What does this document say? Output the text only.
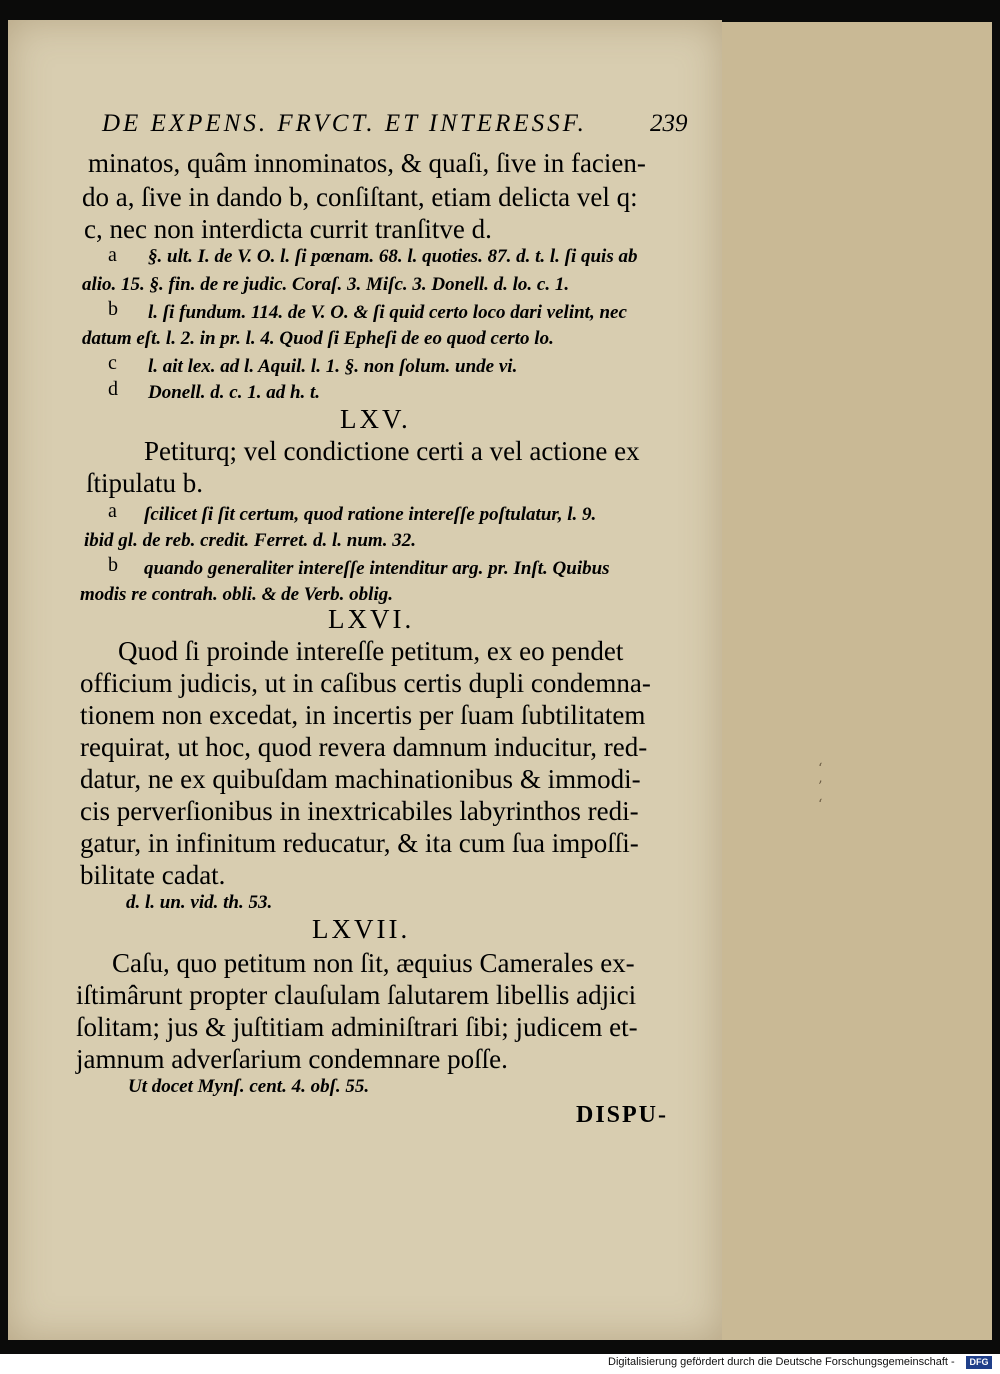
‘
’
‘
DE EXPENS. FRVCT. ET INTERESSF.	239
minatos, quâm innominatos, & quaſi, ſive in facien-
do a, ſive in dando b, conſiſtant, etiam delicta vel q:
c, nec non interdicta currit tranſitve d.
a §. ult. I. de V. O. l. ſi pœnam. 68. l. quoties. 87. d. t. l. ſi quis ab
alio. 15. §. fin. de re judic. Coraſ. 3. Miſc. 3. Donell. d. lo. c. 1.
b l. ſi fundum. 114. de V. O. & ſi quid certo loco dari velint, nec
datum eſt. l. 2. in pr. l. 4. Quod ſi Epheſi de eo quod certo lo.
c l. ait lex. ad l. Aquil. l. 1. §. non ſolum. unde vi.
d Donell. d. c. 1. ad h. t.
LXV.
Petiturq; vel condictione certi a vel actione ex
ſtipulatu b.
a ſcilicet ſi ſit certum, quod ratione intereſſe poſtulatur, l. 9.
ibid gl. de reb. credit. Ferret. d. l. num. 32.
b quando generaliter intereſſe intenditur arg. pr. Inſt. Quibus
modis re contrah. obli. & de Verb. oblig.
LXVI.
Quod ſi proinde intereſſe petitum, ex eo pendet
officium judicis, ut in caſibus certis dupli condemna-
tionem non excedat, in incertis per ſuam ſubtilitatem
requirat, ut hoc, quod revera damnum inducitur, red-
datur, ne ex quibuſdam machinationibus & immodi-
cis perverſionibus in inextricabiles labyrinthos redi-
gatur, in infinitum reducatur, & ita cum ſua impoſſi-
bilitate cadat.
d. l. un. vid. th. 53.
LXVII.
Caſu, quo petitum non ſit, æquius Camerales ex-
iſtimârunt propter clauſulam ſalutarem libellis adjici
ſolitam; jus & juſtitiam adminiſtrari ſibi; judicem et-
jamnum adverſarium condemnare poſſe.
Ut docet Mynſ. cent. 4. obſ. 55.
DISPU-
Digitalisierung gefördert durch die Deutsche Forschungsgemeinschaft -	DFG
